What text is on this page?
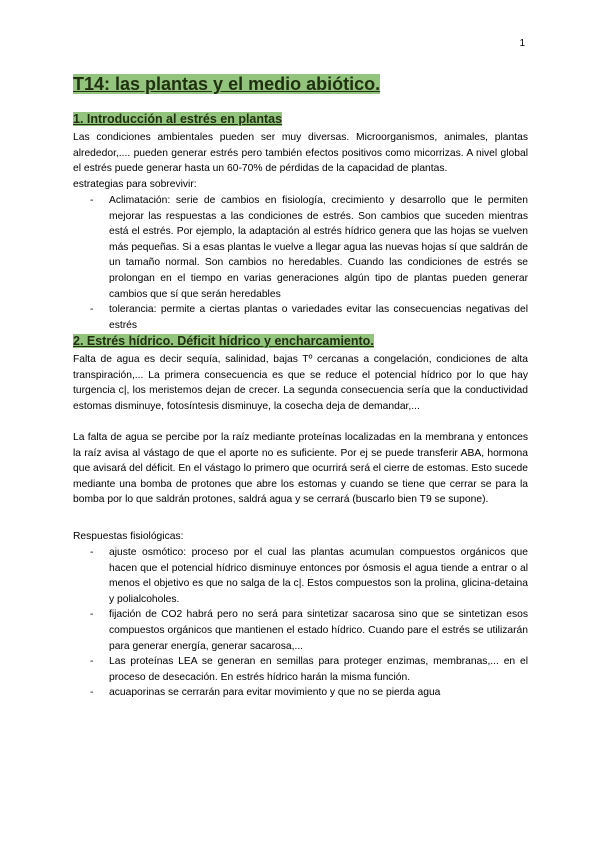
1
T14: las plantas y el medio abiótico.
1. Introducción al estrés en plantas

Las condiciones ambientales pueden ser muy diversas. Microorganismos, animales, plantas alrededor,.... pueden generar estrés pero también efectos positivos como micorrizas. A nivel global el estrés puede generar hasta un 60-70% de pérdidas de la capacidad de plantas.

estrategias para sobrevivir:

- Aclimatación: serie de cambios en fisiología, crecimiento y desarrollo que le permiten mejorar las respuestas a las condiciones de estrés. Son cambios que suceden mientras está el estrés. Por ejemplo, la adaptación al estrés hídrico genera que las hojas se vuelven más pequeñas. Si a esas plantas le vuelve a llegar agua las nuevas hojas sí que saldrán de un tamaño normal. Son cambios no heredables. Cuando las condiciones de estrés se prolongan en el tiempo en varias generaciones algún tipo de plantas pueden generar cambios que sí que serán heredables
- tolerancia: permite a ciertas plantas o variedades evitar las consecuencias negativas del estrés
2. Estrés hídrico. Déficit hídrico y encharcamiento.

Falta de agua es decir sequía, salinidad, bajas Tº cercanas a congelación, condiciones de alta transpiración,... La primera consecuencia es que se reduce el potencial hídrico por lo que hay turgencia c|, los meristemos dejan de crecer. La segunda consecuencia sería que la conductividad estomas disminuye, fotosíntesis disminuye, la cosecha deja de demandar,...

La falta de agua se percibe por la raíz mediante proteínas localizadas en la membrana y entonces la raíz avisa al vástago de que el aporte no es suficiente. Por ej se puede transferir ABA, hormona que avisará del déficit. En el vástago lo primero que ocurrirá será el cierre de estomas. Esto sucede mediante una bomba de protones que abre los estomas y cuando se tiene que cerrar se para la bomba por lo que saldrán protones, saldrá agua y se cerrará (buscarlo bien T9 se supone).

Respuestas fisiológicas:

- ajuste osmótico: proceso por el cual las plantas acumulan compuestos orgánicos que hacen que el potencial hídrico disminuye entonces por ósmosis el agua tiende a entrar o al menos el objetivo es que no salga de la c|. Estos compuestos son la prolina, glicina-detaina y polialcoholes.
- fijación de CO2 habrá pero no será para sintetizar sacarosa sino que se sintetizan esos compuestos orgánicos que mantienen el estado hídrico. Cuando pare el estrés se utilizarán para generar energía, generar sacarosa,...
- Las proteínas LEA se generan en semillas para proteger enzimas, membranas,... en el proceso de desecación. En estrés hídrico harán la misma función.
- acuaporinas se cerrarán para evitar movimiento y que no se pierda agua
